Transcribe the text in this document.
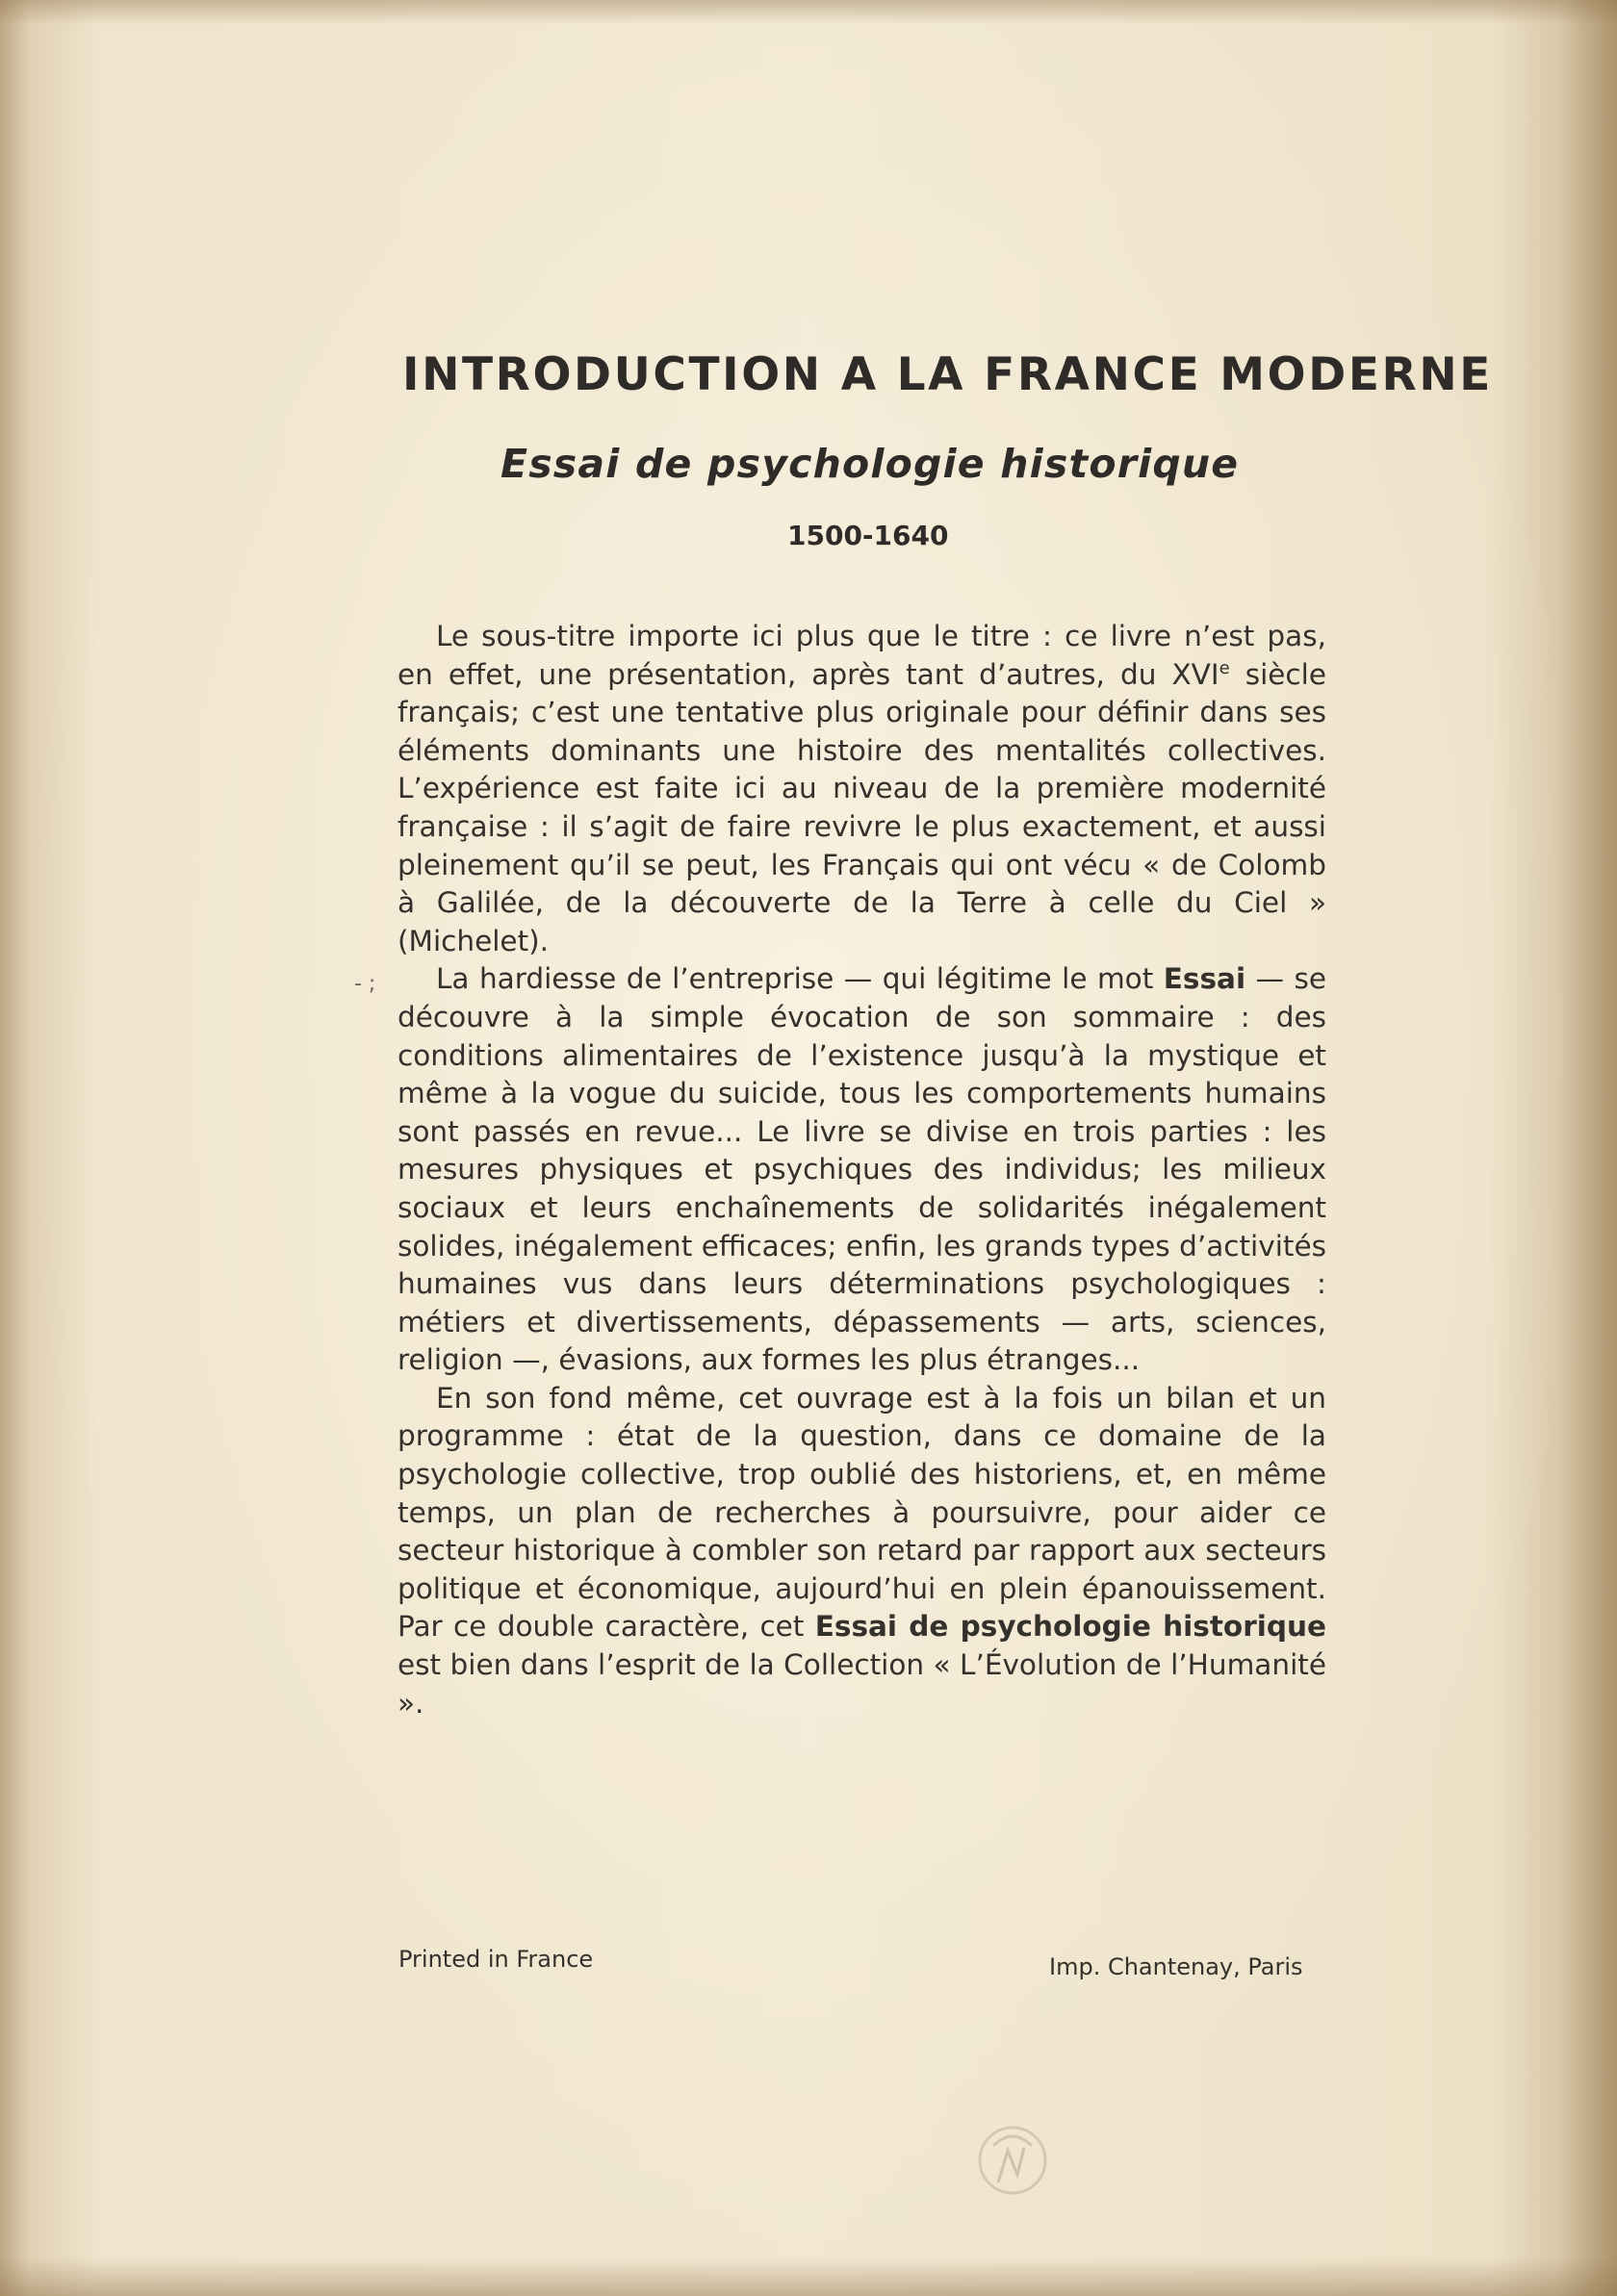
INTRODUCTION A LA FRANCE MODERNE
Essai de psychologie historique
1500-1640
- ;

Le sous-titre importe ici plus que le titre : ce livre n’est pas, en effet, une présentation, après tant d’autres, du XVIe siècle français; c’est une tentative plus originale pour définir dans ses éléments dominants une histoire des mentalités collectives. L’expérience est faite ici au niveau de la première modernité française : il s’agit de faire revivre le plus exactement, et aussi pleinement qu’il se peut, les Français qui ont vécu « de Colomb à Galilée, de la découverte de la Terre à celle du Ciel » (Michelet).

La hardiesse de l’entreprise — qui légitime le mot Essai — se découvre à la simple évocation de son sommaire : des conditions alimentaires de l’existence jusqu’à la mystique et même à la vogue du suicide, tous les comportements humains sont passés en revue... Le livre se divise en trois parties : les mesures physiques et psychiques des individus; les milieux sociaux et leurs enchaînements de solidarités inégalement solides, inégalement efficaces; enfin, les grands types d’activités humaines vus dans leurs déterminations psychologiques : métiers et divertissements, dépassements — arts, sciences, religion —, évasions, aux formes les plus étranges...

En son fond même, cet ouvrage est à la fois un bilan et un programme : état de la question, dans ce domaine de la psychologie collective, trop oublié des historiens, et, en même temps, un plan de recherches à poursuivre, pour aider ce secteur historique à combler son retard par rapport aux secteurs politique et économique, aujourd’hui en plein épanouissement. Par ce double caractère, cet Essai de psychologie historique est bien dans l’esprit de la Collection « L’Évolution de l’Humanité ».

Printed in France	Imp. Chantenay, Paris
